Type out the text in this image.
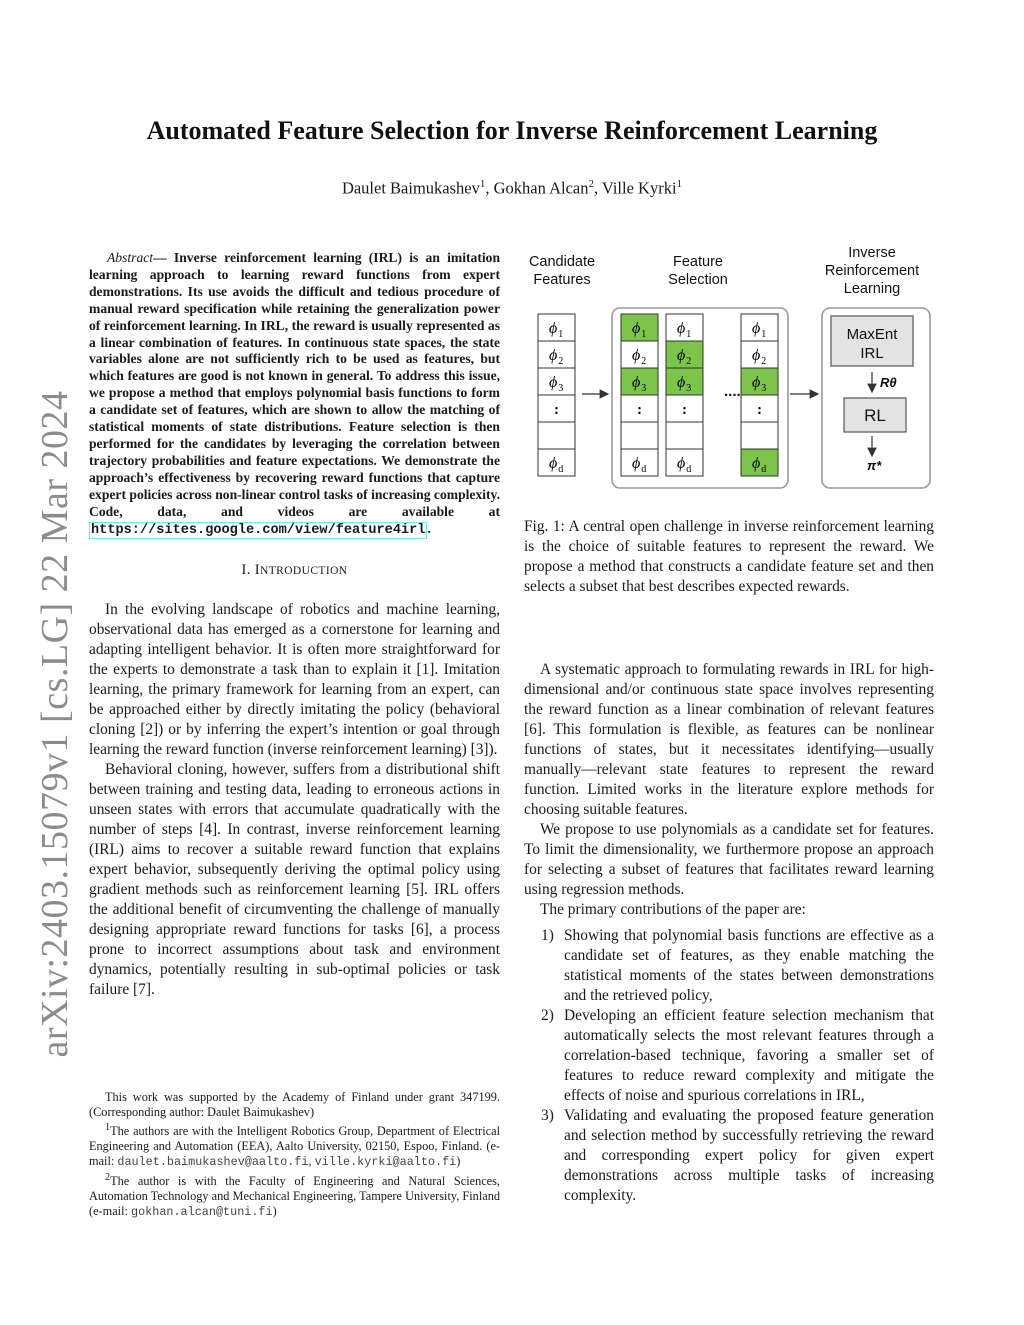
arXiv:2403.15079v1 [cs.LG] 22 Mar 2024
Automated Feature Selection for Inverse Reinforcement Learning
Daulet Baimukashev$^1$, Gokhan Alcan$^2$, Ville Kyrki$^1$

Abstract— Inverse reinforcement learning (IRL) is an imitation learning approach to learning reward functions from expert demonstrations. Its use avoids the difficult and tedious procedure of manual reward specification while retaining the generalization power of reinforcement learning. In IRL, the reward is usually represented as a linear combination of features. In continuous state spaces, the state variables alone are not sufficiently rich to be used as features, but which features are good is not known in general. To address this issue, we propose a method that employs polynomial basis functions to form a candidate set of features, which are shown to allow the matching of statistical moments of state distributions. Feature selection is then performed for the candidates by leveraging the correlation between trajectory probabilities and feature expectations. We demonstrate the approach’s effectiveness by recovering reward functions that capture expert policies across non-linear control tasks of increasing complexity. Code, data, and videos are available at https://sites.google.com/view/feature4irl .

I. INTRODUCTION

In the evolving landscape of robotics and machine learning, observational data has emerged as a cornerstone for learning and adapting intelligent behavior. It is often more straightforward for the experts to demonstrate a task than to explain it [1]. Imitation learning, the primary framework for learning from an expert, can be approached either by directly imitating the policy (behavioral cloning [2]) or by inferring the expert’s intention or goal through learning the reward function (inverse reinforcement learning) [3]).

Behavioral cloning, however, suffers from a distributional shift between training and testing data, leading to erroneous actions in unseen states with errors that accumulate quadratically with the number of steps [4]. In contrast, inverse reinforcement learning (IRL) aims to recover a suitable reward function that explains expert behavior, subsequently deriving the optimal policy using gradient methods such as reinforcement learning [5]. IRL offers the additional benefit of circumventing the challenge of manually designing appropriate reward functions for tasks [6], a process prone to incorrect assumptions about task and environment dynamics, potentially resulting in sub-optimal policies or task failure [7].

This work was supported by the Academy of Finland under grant 347199. (Corresponding author: Daulet Baimukashev)

$^1$The authors are with the Intelligent Robotics Group, Department of Electrical Engineering and Automation (EEA), Aalto University, 02150, Espoo, Finland. (e-mail: daulet.baimukashev@aalto.fi, ville.kyrki@aalto.fi)

$^2$The author is with the Faculty of Engineering and Natural Sciences, Automation Technology and Mechanical Engineering, Tampere University, Finland (e-mail: gokhan.alcan@tuni.fi)

Candidate
Features
Feature
Selection
Inverse
Reinforcement
Learning
MaxEnt
IRL
Rθ
RL
π*
....
$\phi_1$
$\phi_2$
$\phi_3$
:
$\phi_d$
$\phi_1$
$\phi_2$
$\phi_3$
:
$\phi_d$
$\phi_1$
$\phi_2$
$\phi_3$
:
$\phi_d$
$\phi_1$
$\phi_2$
$\phi_3$
:
$\phi_d$

Fig. 1: A central open challenge in inverse reinforcement learning is the choice of suitable features to represent the reward. We propose a method that constructs a candidate feature set and then selects a subset that best describes expected rewards.

A systematic approach to formulating rewards in IRL for high-dimensional and/or continuous state space involves representing the reward function as a linear combination of relevant features [6]. This formulation is flexible, as features can be nonlinear functions of states, but it necessitates identifying—usually manually—relevant state features to represent the reward function. Limited works in the literature explore methods for choosing suitable features.

We propose to use polynomials as a candidate set for features. To limit the dimensionality, we furthermore propose an approach for selecting a subset of features that facilitates reward learning using regression methods.

The primary contributions of the paper are:

1) Showing that polynomial basis functions are effective as a candidate set of features, as they enable matching the statistical moments of the states between demonstrations and the retrieved policy,
2) Developing an efficient feature selection mechanism that automatically selects the most relevant features through a correlation-based technique, favoring a smaller set of features to reduce reward complexity and mitigate the effects of noise and spurious correlations in IRL,
3) Validating and evaluating the proposed feature generation and selection method by successfully retrieving the reward and corresponding expert policy for given expert demonstrations across multiple tasks of increasing complexity.
